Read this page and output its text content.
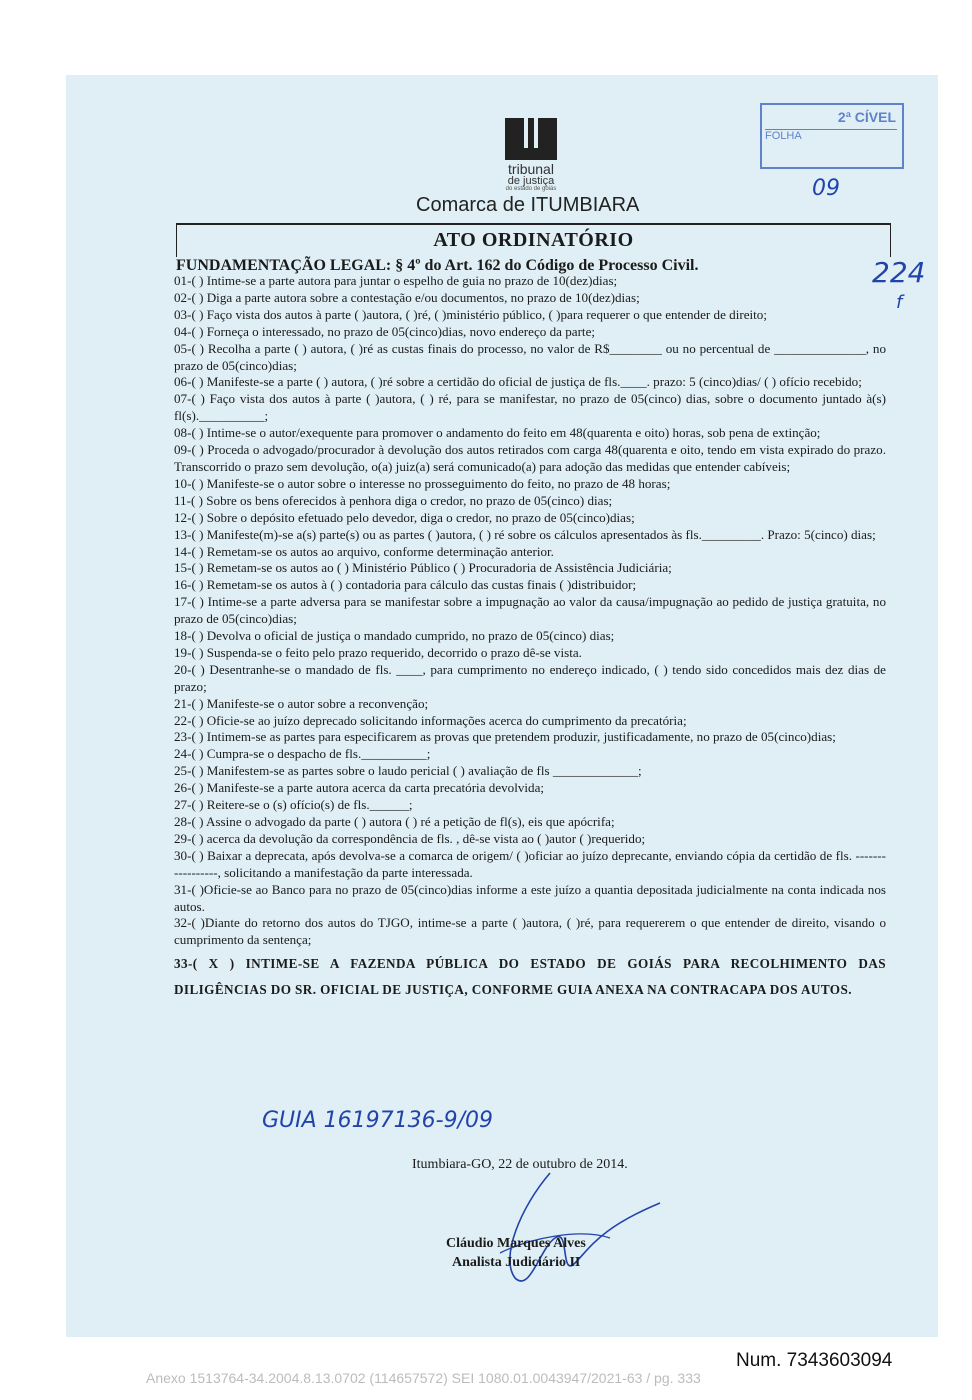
tribunal
de justiça
do estado de goiás
Comarca de ITUMBIARA
2ª CÍVEL
FOLHA
09
224
f
ATO ORDINATÓRIO
FUNDAMENTAÇÃO LEGAL: § 4º do Art. 162 do Código de Processo Civil.

01-( ) Intime-se a parte autora para juntar o espelho de guia no prazo de 10(dez)dias;

02-( ) Diga a parte autora sobre a contestação e/ou documentos, no prazo de 10(dez)dias;

03-( ) Faço vista dos autos à parte ( )autora, ( )ré, ( )ministério público, ( )para requerer o que entender de direito;

04-( ) Forneça o interessado, no prazo de 05(cinco)dias, novo endereço da parte;

05-( ) Recolha a parte ( ) autora, ( )ré as custas finais do processo, no valor de R$________ ou no percentual de ______________, no prazo de 05(cinco)dias;

06-( ) Manifeste-se a parte ( ) autora, ( )ré sobre a certidão do oficial de justiça de fls.____. prazo: 5 (cinco)dias/ ( ) ofício recebido;

07-( ) Faço vista dos autos à parte ( )autora, ( ) ré, para se manifestar, no prazo de 05(cinco) dias, sobre o documento juntado à(s) fl(s).__________;

08-( ) Intime-se o autor/exequente para promover o andamento do feito em 48(quarenta e oito) horas, sob pena de extinção;

09-( ) Proceda o advogado/procurador à devolução dos autos retirados com carga 48(quarenta e oito, tendo em vista expirado do prazo. Transcorrido o prazo sem devolução, o(a) juiz(a) será comunicado(a) para adoção das medidas que entender cabíveis;

10-( ) Manifeste-se o autor sobre o interesse no prosseguimento do feito, no prazo de 48 horas;

11-( ) Sobre os bens oferecidos à penhora diga o credor, no prazo de 05(cinco) dias;

12-( ) Sobre o depósito efetuado pelo devedor, diga o credor, no prazo de 05(cinco)dias;

13-( ) Manifeste(m)-se a(s) parte(s) ou as partes ( )autora, ( ) ré sobre os cálculos apresentados às fls._________. Prazo: 5(cinco) dias;

14-( ) Remetam-se os autos ao arquivo, conforme determinação anterior.

15-( ) Remetam-se os autos ao ( ) Ministério Público ( ) Procuradoria de Assistência Judiciária;

16-( ) Remetam-se os autos à ( ) contadoria para cálculo das custas finais ( )distribuidor;

17-( ) Intime-se a parte adversa para se manifestar sobre a impugnação ao valor da causa/impugnação ao pedido de justiça gratuita, no prazo de 05(cinco)dias;

18-( ) Devolva o oficial de justiça o mandado cumprido, no prazo de 05(cinco) dias;

19-( ) Suspenda-se o feito pelo prazo requerido, decorrido o prazo dê-se vista.

20-( ) Desentranhe-se o mandado de fls. ____, para cumprimento no endereço indicado, ( ) tendo sido concedidos mais dez dias de prazo;

21-( ) Manifeste-se o autor sobre a reconvenção;

22-( ) Oficie-se ao juízo deprecado solicitando informações acerca do cumprimento da precatória;

23-( ) Intimem-se as partes para especificarem as provas que pretendem produzir, justificadamente, no prazo de 05(cinco)dias;

24-( ) Cumpra-se o despacho de fls.__________;

25-( ) Manifestem-se as partes sobre o laudo pericial ( ) avaliação de fls _____________;

26-( ) Manifeste-se a parte autora acerca da carta precatória devolvida;

27-( ) Reitere-se o (s) ofício(s) de fls.______;

28-( ) Assine o advogado da parte ( ) autora ( ) ré a petição de fl(s), eis que apócrifa;

29-( ) acerca da devolução da correspondência de fls. , dê-se vista ao ( )autor ( )requerido;

30-( ) Baixar a deprecata, após devolva-se a comarca de origem/ ( )oficiar ao juízo deprecante, enviando cópia da certidão de fls. -----------------, solicitando a manifestação da parte interessada.

31-( )Oficie-se ao Banco para no prazo de 05(cinco)dias informe a este juízo a quantia depositada judicialmente na conta indicada nos autos.

32-( )Diante do retorno dos autos do TJGO, intime-se a parte ( )autora, ( )ré, para requererem o que entender de direito, visando o cumprimento da sentença;

33-( X ) INTIME-SE A FAZENDA PÚBLICA DO ESTADO DE GOIÁS PARA RECOLHIMENTO DAS DILIGÊNCIAS DO SR. OFICIAL DE JUSTIÇA, CONFORME GUIA ANEXA NA CONTRACAPA DOS AUTOS.

GUIA 16197136-9/09
Itumbiara-GO, 22 de outubro de 2014.
Cláudio Marques Alves
Analista Judiciário II
Num. 7343603094
Anexo 1513764-34.2004.8.13.0702 (114657572) SEI 1080.01.0043947/2021-63 / pg. 333
